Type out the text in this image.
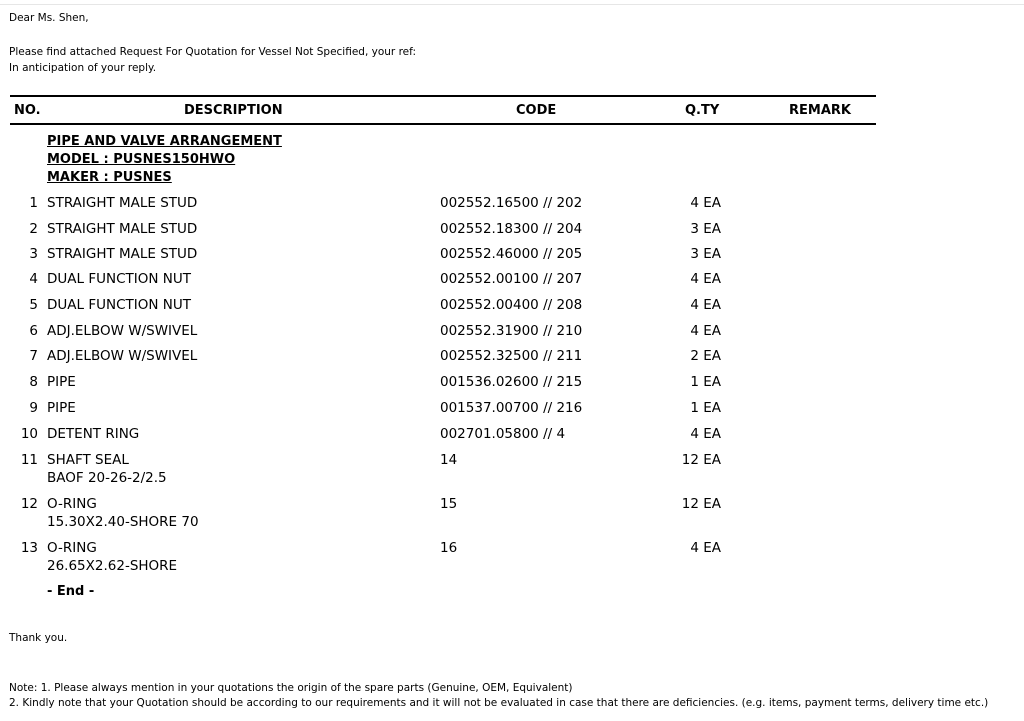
Dear Ms. Shen,
Please find attached Request For Quotation for Vessel Not Specified, your ref:
In anticipation of your reply.
NO.	DESCRIPTION	CODE	Q.TY	REMARK
PIPE AND VALVE ARRANGEMENT
MODEL : PUSNES150HWO
MAKER : PUSNES
1 STRAIGHT MALE STUD	002552.16500 // 202	4 EA
2 STRAIGHT MALE STUD	002552.18300 // 204	3 EA
3 STRAIGHT MALE STUD	002552.46000 // 205	3 EA
4 DUAL FUNCTION NUT	002552.00100 // 207	4 EA
5 DUAL FUNCTION NUT	002552.00400 // 208	4 EA
6 ADJ.ELBOW W/SWIVEL	002552.31900 // 210	4 EA
7 ADJ.ELBOW W/SWIVEL	002552.32500 // 211	2 EA
8 PIPE	001536.02600 // 215	1 EA
9 PIPE	001537.00700 // 216	1 EA
10 DETENT RING	002701.05800 // 4	4 EA
11 SHAFT SEAL	14	12 EA
BAOF 20-26-2/2.5
12 O-RING	15	12 EA
15.30X2.40-SHORE 70
13 O-RING	16	4 EA
26.65X2.62-SHORE
- End -
Thank you.
Note: 1. Please always mention in your quotations the origin of the spare parts (Genuine, OEM, Equivalent)
2. Kindly note that your Quotation should be according to our requirements and it will not be evaluated in case that there are deficiencies. (e.g. items, payment terms, delivery time etc.)
